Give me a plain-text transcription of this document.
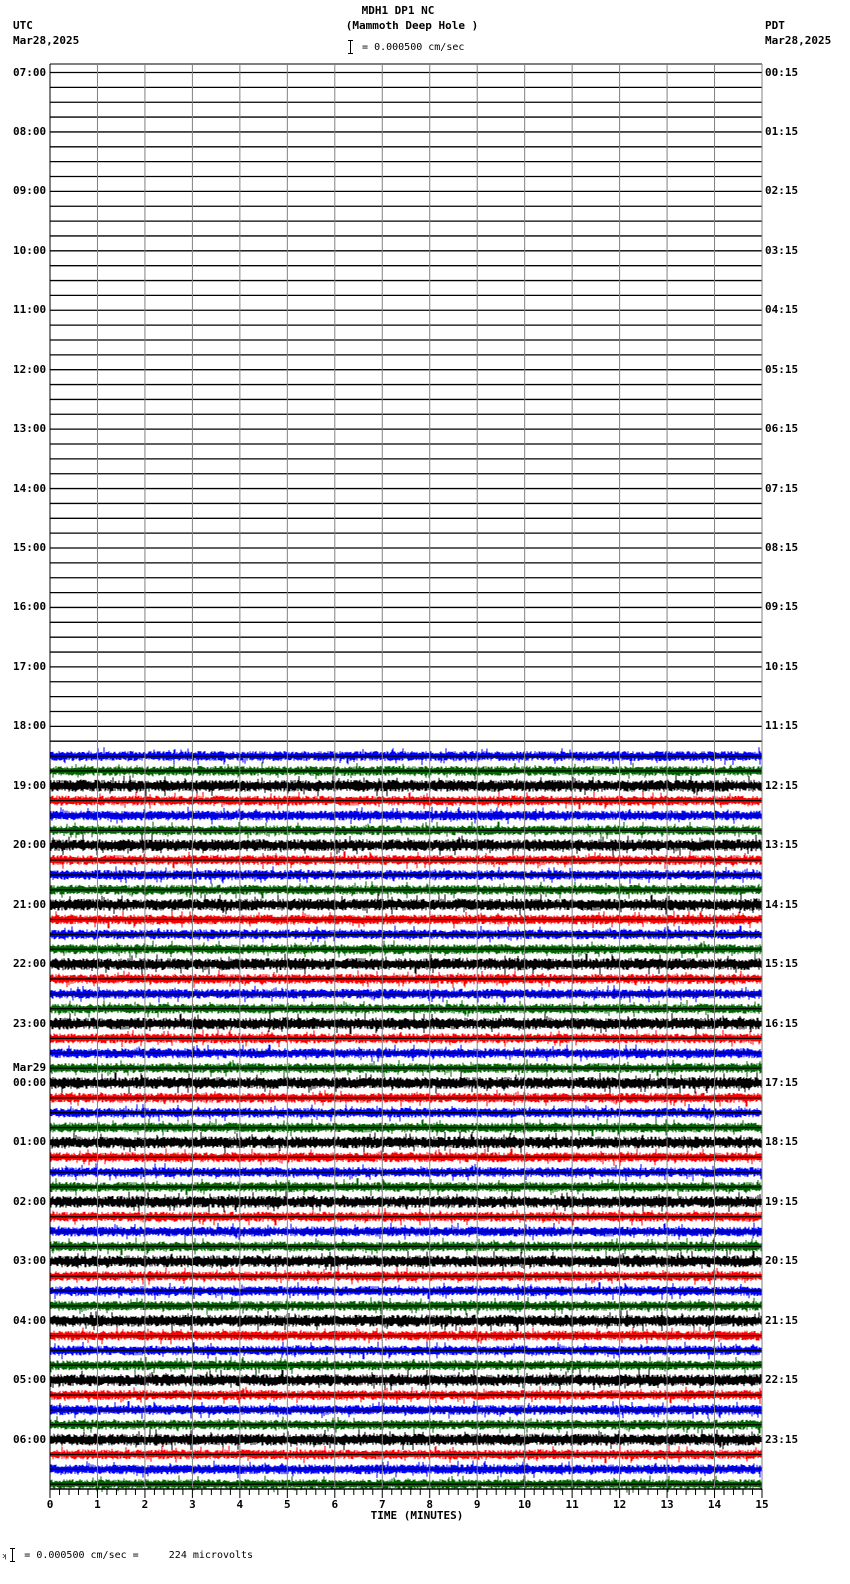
MDH1 DP1 NC
(Mammoth Deep Hole )
UTC
Mar28,2025
PDT
Mar28,2025
= 0.000500 cm/sec
07:00
08:00
09:00
10:00
11:00
12:00
13:00
14:00
15:00
16:00
17:00
18:00
19:00
20:00
21:00
22:00
23:00
Mar29
00:00
01:00
02:00
03:00
04:00
05:00
06:00
00:15
01:15
02:15
03:15
04:15
05:15
06:15
07:15
08:15
09:15
10:15
11:15
12:15
13:15
14:15
15:15
16:15
17:15
18:15
19:15
20:15
21:15
22:15
23:15
0	1	2	3	4	5	6	7	8	9	10	11	12	13	14	15
TIME (MINUTES)
ʞ = 0.000500 cm/sec =     224 microvolts
